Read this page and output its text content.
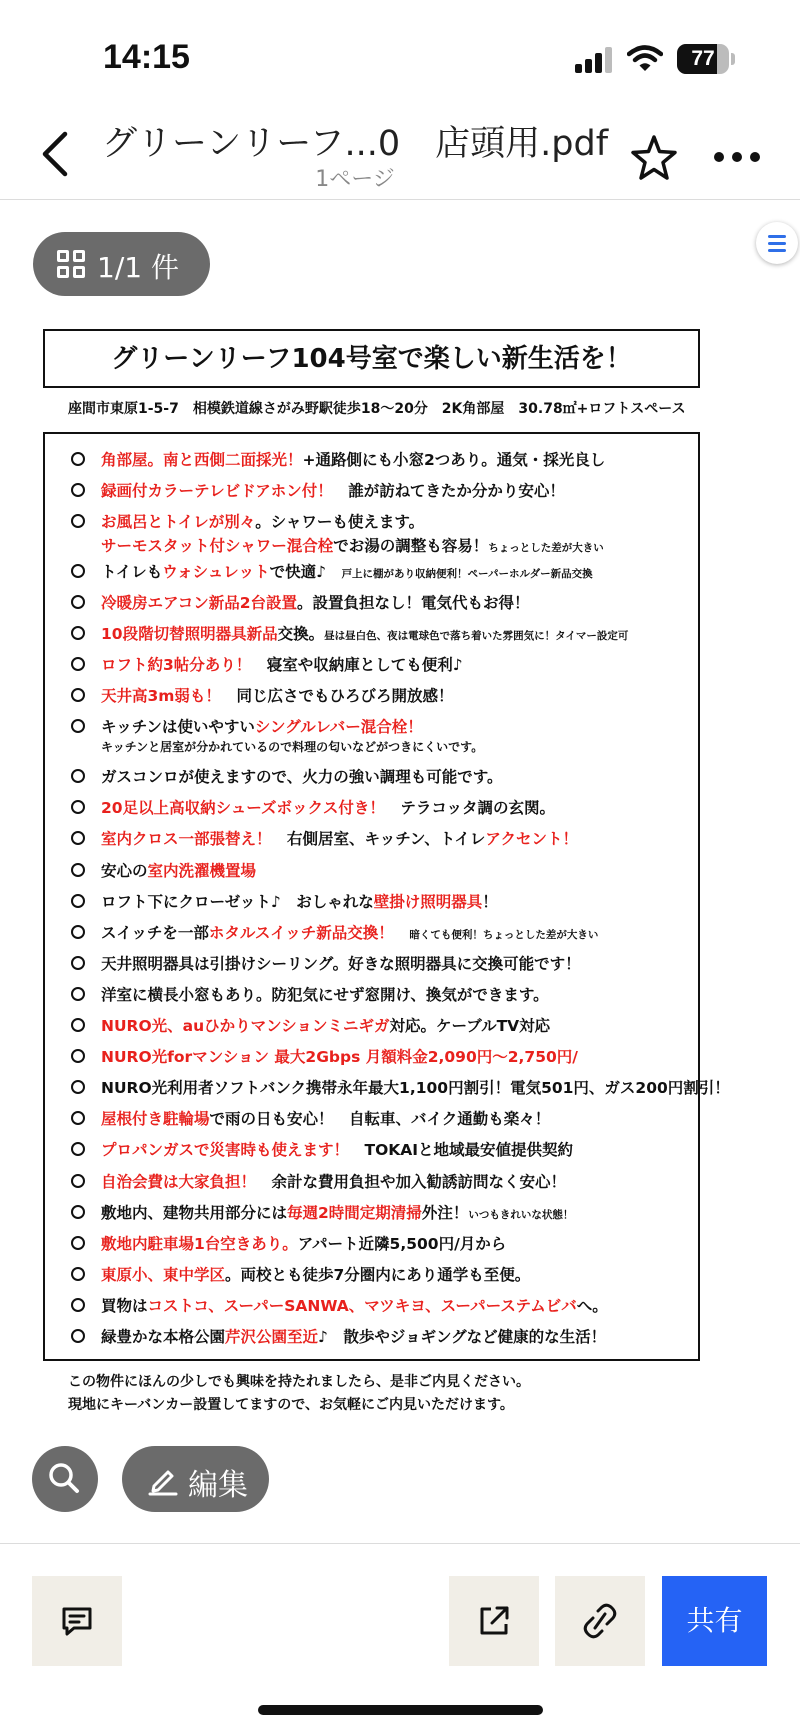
14:15	77
グリーンリーフ...0　店頭用.pdf
1ページ
1/1 件
グリーンリーフ104号室で楽しい新生活を！
座間市東原1-5-7　相模鉄道線さがみ野駅徒歩18〜20分　2K角部屋　30.78㎡+ロフトスペース
角部屋。南と西側二面採光！+通路側にも小窓2つあり。通気・採光良し
録画付カラーテレビドアホン付！　誰が訪ねてきたか分かり安心！
お風呂とトイレが別々。シャワーも使えます。
サーモスタット付シャワー混合栓でお湯の調整も容易！ちょっとした差が大きい
トイレもウォシュレットで快適♪　戸上に棚があり収納便利！ペーパーホルダー新品交換
冷暖房エアコン新品2台設置。設置負担なし！電気代もお得！
10段階切替照明器具新品交換。昼は昼白色、夜は電球色で落ち着いた雰囲気に！タイマー設定可
ロフト約3帖分あり！　寝室や収納庫としても便利♪
天井高3m弱も！　同じ広さでもひろびろ開放感！
キッチンは使いやすいシングルレバー混合栓！
キッチンと居室が分かれているので料理の匂いなどがつきにくいです。
ガスコンロが使えますので、火力の強い調理も可能です。
20足以上高収納シューズボックス付き！　テラコッタ調の玄関。
室内クロス一部張替え！　右側居室、キッチン、トイレアクセント！
安心の室内洗濯機置場
ロフト下にクローゼット♪　おしゃれな壁掛け照明器具！
スイッチを一部ホタルスイッチ新品交換！　 暗くても便利！ちょっとした差が大きい
天井照明器具は引掛けシーリング。好きな照明器具に交換可能です！
洋室に横長小窓もあり。防犯気にせず窓開け、換気ができます。
NURO光、auひかりマンションミニギガ対応。ケーブルTV対応
NURO光forマンション 最大2Gbps 月額料金2,090円〜2,750円/
NURO光利用者ソフトバンク携帯永年最大1,100円割引！電気501円、ガス200円割引！
屋根付き駐輪場で雨の日も安心！　自転車、バイク通勤も楽々！
プロパンガスで災害時も使えます！　TOKAIと地域最安値提供契約
自治会費は大家負担！　余計な費用負担や加入勧誘訪問なく安心！
敷地内、建物共用部分には毎週2時間定期清掃外注！いつもきれいな状態！
敷地内駐車場1台空きあり。アパート近隣5,500円/月から
東原小、東中学区。両校とも徒歩7分圏内にあり通学も至便。
買物はコストコ、スーパーSANWA、マツキヨ、スーパーステムビバへ。
緑豊かな本格公園芹沢公園至近♪　散歩やジョギングなど健康的な生活！
この物件にほんの少しでも興味を持たれましたら、是非ご内見ください。
現地にキーバンカー設置してますので、お気軽にご内見いただけます。
編集
共有
